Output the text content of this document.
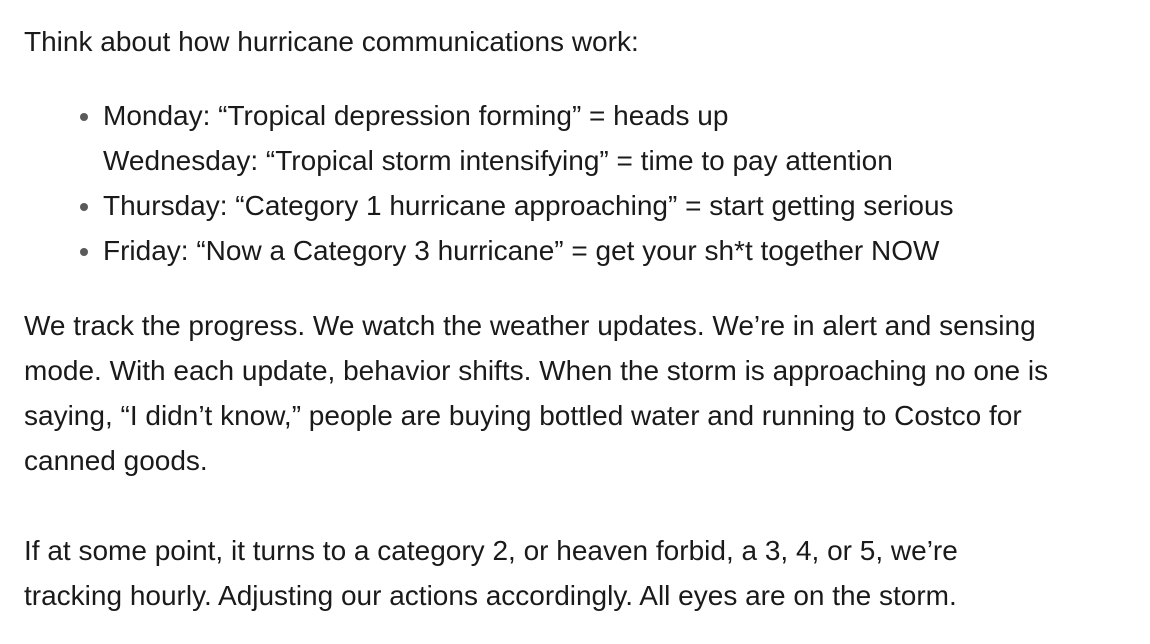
Think about how hurricane communications work:

Monday: “Tropical depression forming” = heads up
Wednesday: “Tropical storm intensifying” = time to pay attention
Thursday: “Category 1 hurricane approaching” = start getting serious
Friday: “Now a Category 3 hurricane” = get your sh*t together NOW
We track the progress. We watch the weather updates. We’re in alert and sensing
mode. With each update, behavior shifts. When the storm is approaching no one is
saying, “I didn’t know,” people are buying bottled water and running to Costco for
canned goods.
If at some point, it turns to a category 2, or heaven forbid, a 3, 4, or 5, we’re
tracking hourly. Adjusting our actions accordingly. All eyes are on the storm.
